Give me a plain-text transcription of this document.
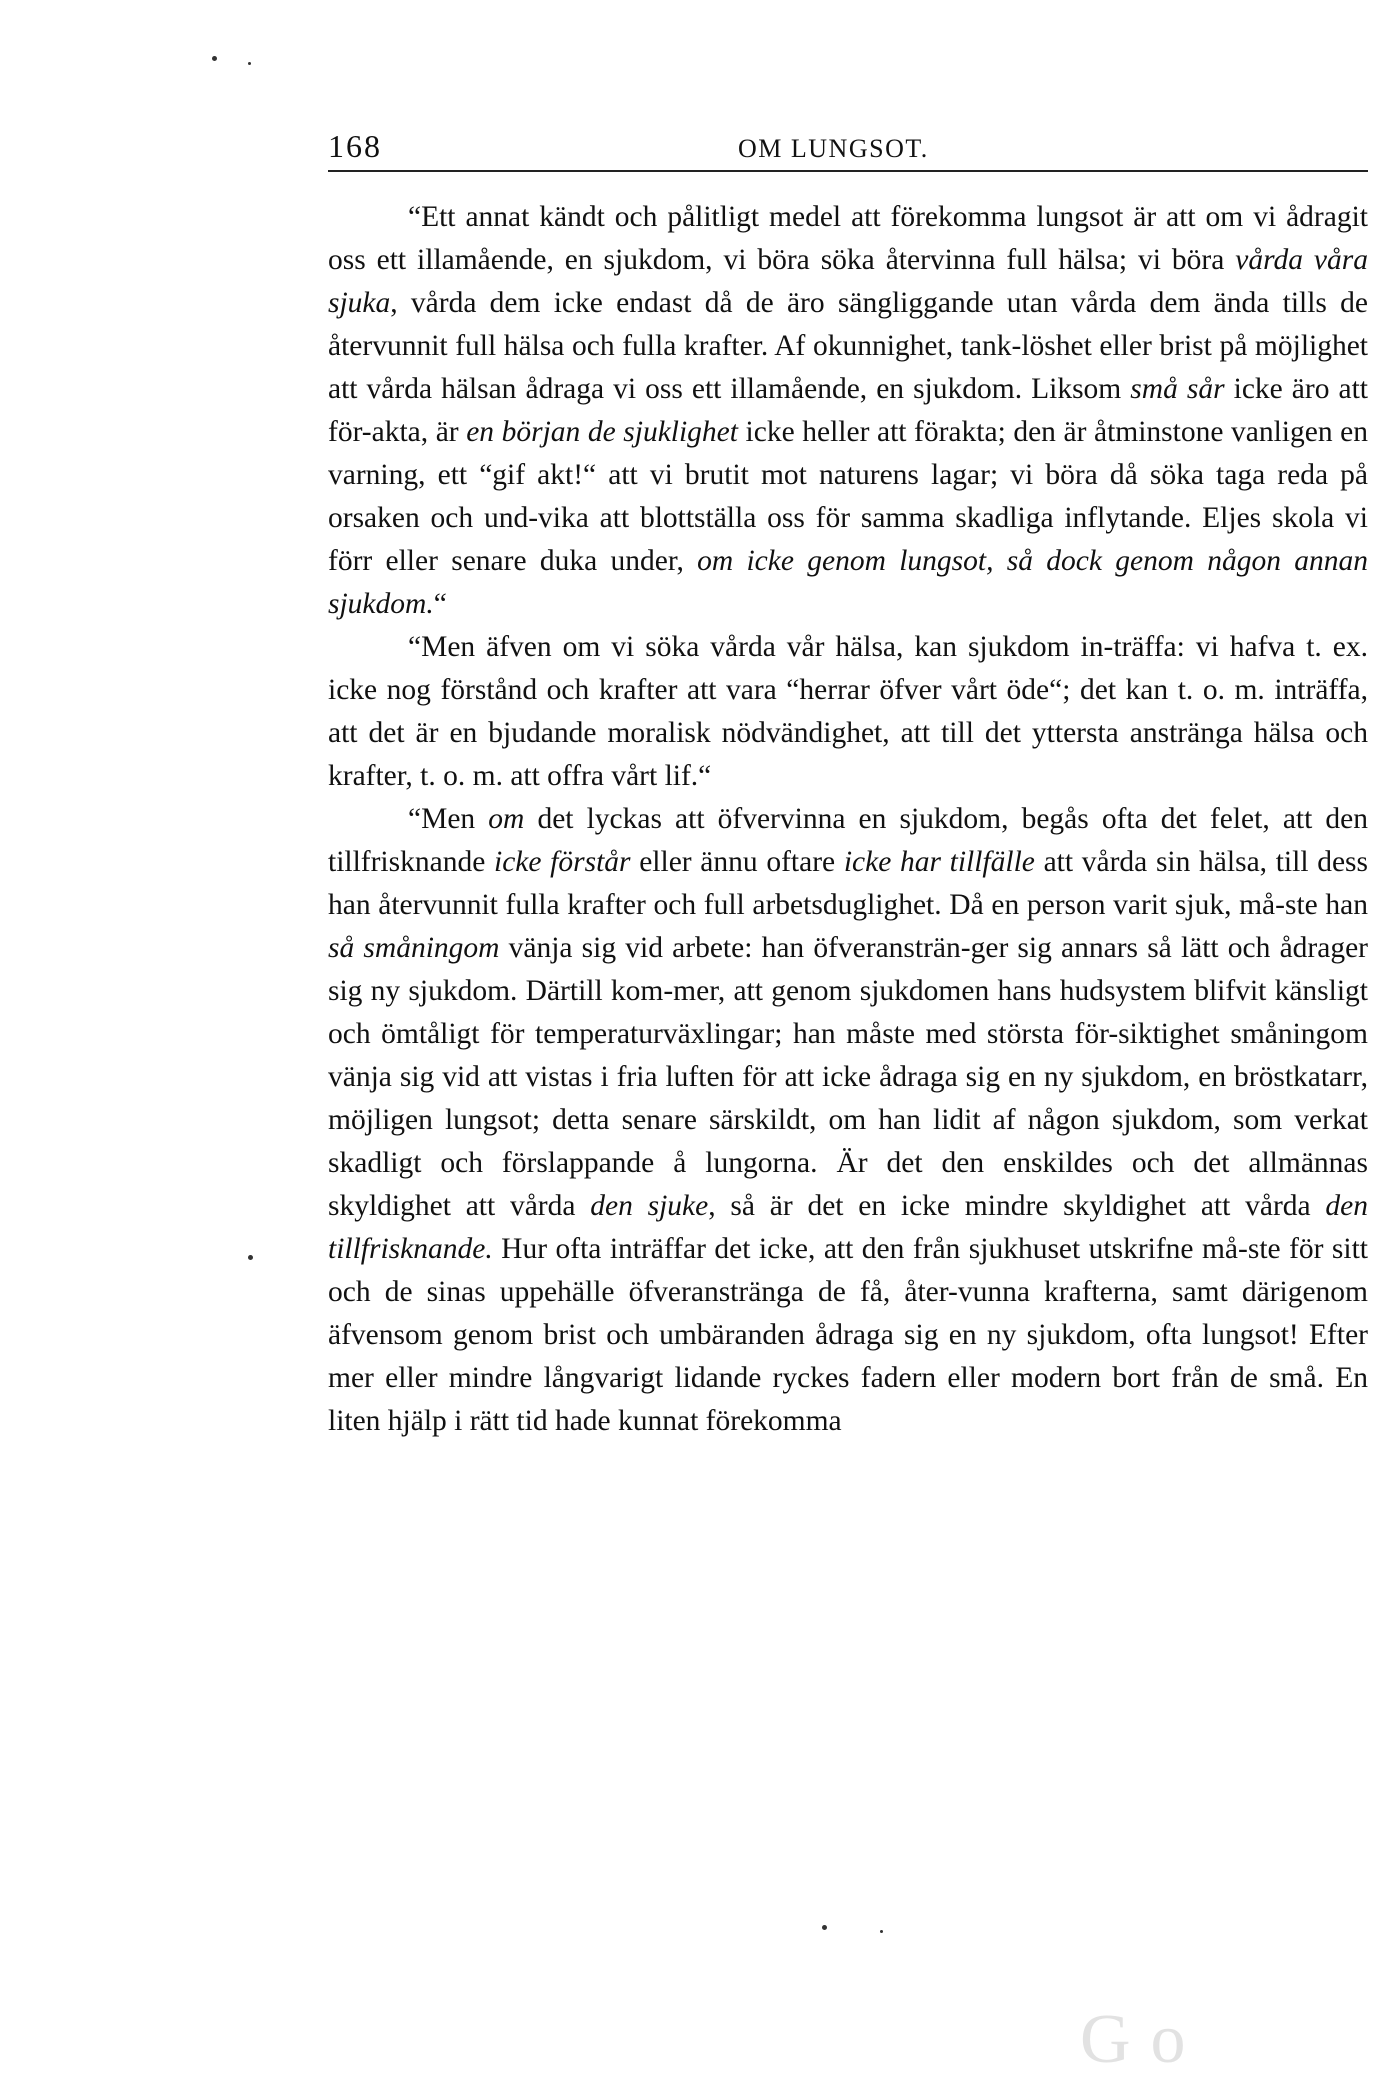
168	OM LUNGSOT.

“Ett annat kändt och pålitligt medel att förekomma lungsot är att om vi ådragit oss ett illamående, en sjukdom, vi böra söka återvinna full hälsa; vi böra vårda våra sjuka, vårda dem icke endast då de äro sängliggande utan vårda dem ända tills de återvunnit full hälsa och fulla krafter. Af okunnighet, tank-löshet eller brist på möjlighet att vårda hälsan ådraga vi oss ett illamående, en sjukdom. Liksom små sår icke äro att för-akta, är en början de sjuklighet icke heller att förakta; den är åtminstone vanligen en varning, ett “gif akt!“ att vi brutit mot naturens lagar; vi böra då söka taga reda på orsaken och und-vika att blottställa oss för samma skadliga inflytande. Eljes skola vi förr eller senare duka under, om icke genom lungsot, så dock genom någon annan sjukdom.“

“Men äfven om vi söka vårda vår hälsa, kan sjukdom in-träffa: vi hafva t. ex. icke nog förstånd och krafter att vara “herrar öfver vårt öde“; det kan t. o. m. inträffa, att det är en bjudande moralisk nödvändighet, att till det yttersta anstränga hälsa och krafter, t. o. m. att offra vårt lif.“

“Men om det lyckas att öfvervinna en sjukdom, begås ofta det felet, att den tillfrisknande icke förstår eller ännu oftare icke har tillfälle att vårda sin hälsa, till dess han återvunnit fulla krafter och full arbetsduglighet. Då en person varit sjuk, må-ste han så småningom vänja sig vid arbete: han öfveransträn-ger sig annars så lätt och ådrager sig ny sjukdom. Därtill kom-mer, att genom sjukdomen hans hudsystem blifvit känsligt och ömtåligt för temperaturväxlingar; han måste med största för-siktighet småningom vänja sig vid att vistas i fria luften för att icke ådraga sig en ny sjukdom, en bröstkatarr, möjligen lungsot; detta senare särskildt, om han lidit af någon sjukdom, som verkat skadligt och förslappande å lungorna. Är det den enskildes och det allmännas skyldighet att vårda den sjuke, så är det en icke mindre skyldighet att vårda den tillfrisknande. Hur ofta inträffar det icke, att den från sjukhuset utskrifne må-ste för sitt och de sinas uppehälle öfveranstränga de få, åter-vunna krafterna, samt därigenom äfvensom genom brist och umbäranden ådraga sig en ny sjukdom, ofta lungsot! Efter mer eller mindre långvarigt lidande ryckes fadern eller modern bort från de små. En liten hjälp i rätt tid hade kunnat förekomma

Go
